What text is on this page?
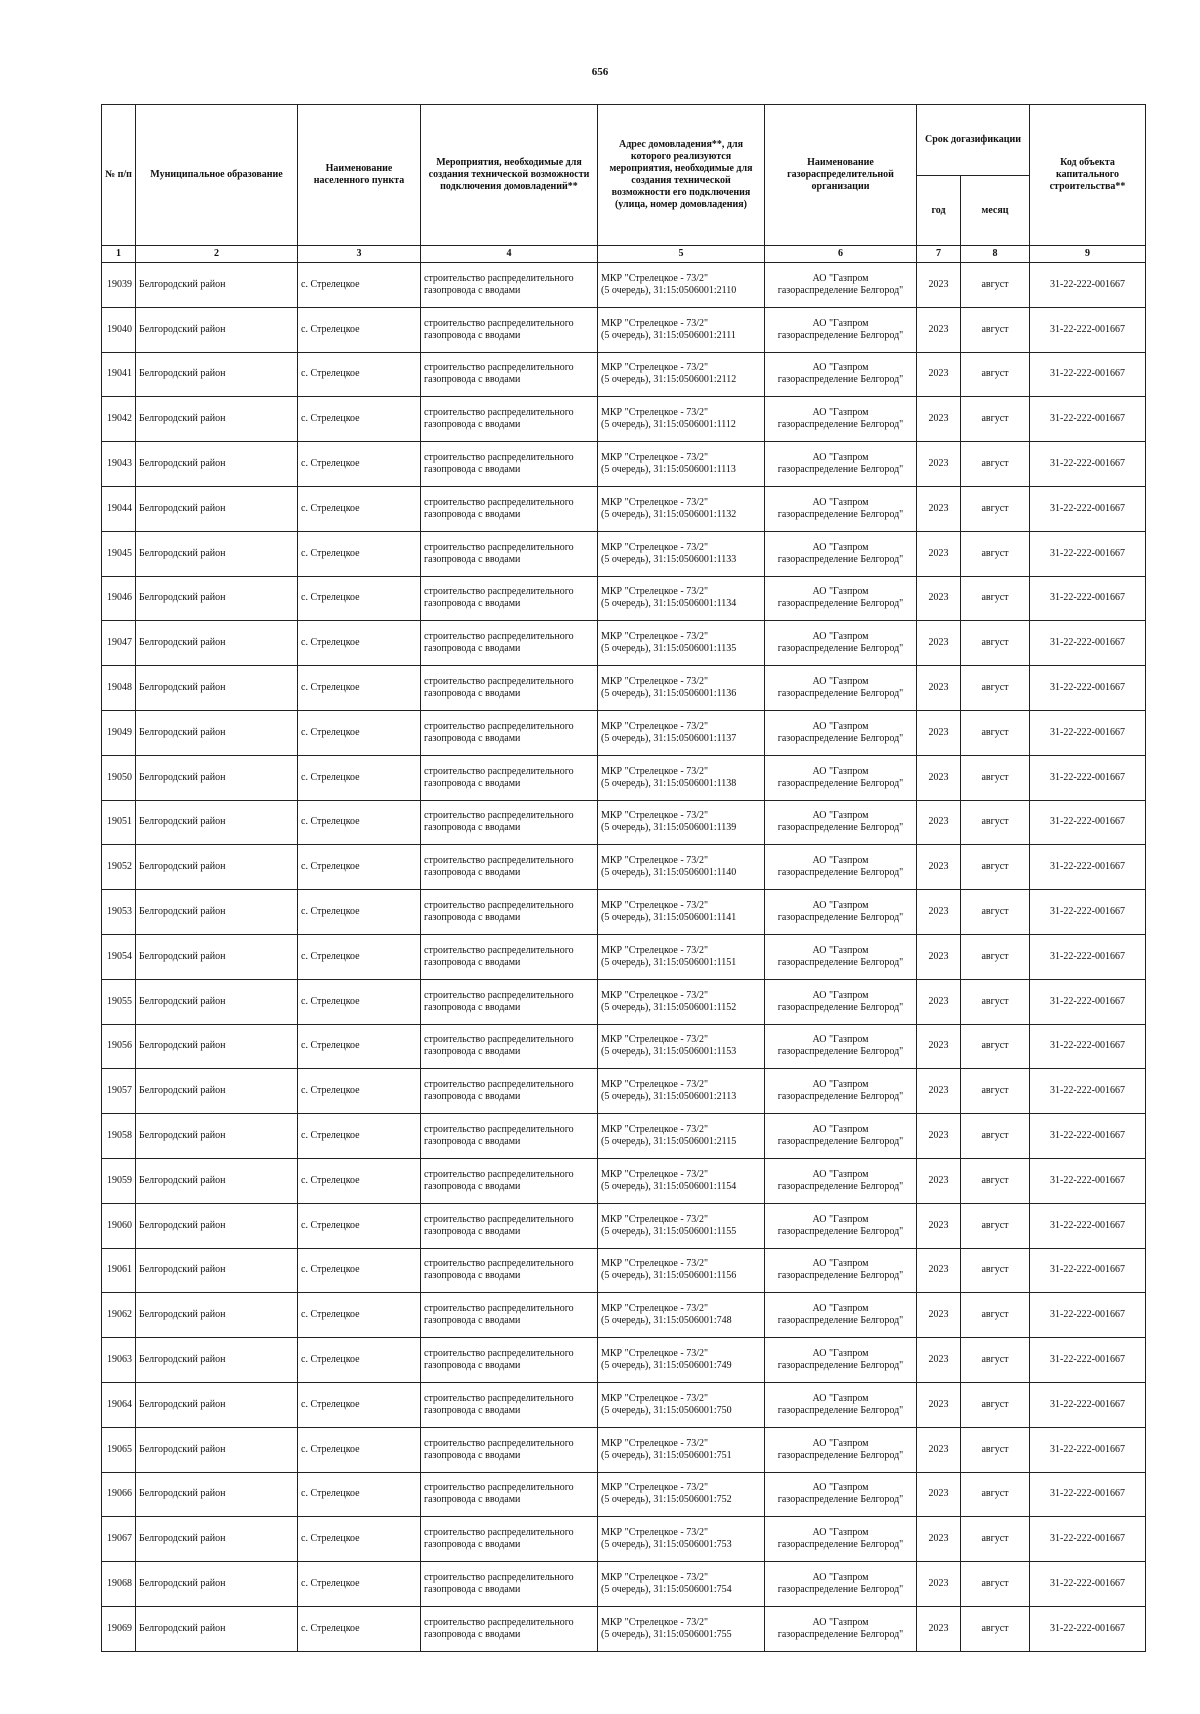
656
№ п/п	Муниципальное образование	Наименование населенного пункта	Мероприятия, необходимые для создания технической возможности подключения домовладений**	Адрес домовладения**, для которого реализуются мероприятия, необходимые для создания технической возможности его подключения (улица, номер домовладения)	Наименование газораспределительной организации	Срок догазификации		Код объекта капитального строительства**
						год	месяц	
1	2	3	4	5	6	7	8	9

19039	Белгородский район	с. Стрелецкое	строительство распределительного
газопровода с вводами	МКР "Стрелецкое - 73/2"
(5 очередь), 31:15:0506001:2110	АО "Газпром
газораспределение Белгород"	2023	август	31-22-222-001667

19040	Белгородский район	с. Стрелецкое	строительство распределительного
газопровода с вводами	МКР "Стрелецкое - 73/2"
(5 очередь), 31:15:0506001:2111	АО "Газпром
газораспределение Белгород"	2023	август	31-22-222-001667

19041	Белгородский район	с. Стрелецкое	строительство распределительного
газопровода с вводами	МКР "Стрелецкое - 73/2"
(5 очередь), 31:15:0506001:2112	АО "Газпром
газораспределение Белгород"	2023	август	31-22-222-001667

19042	Белгородский район	с. Стрелецкое	строительство распределительного
газопровода с вводами	МКР "Стрелецкое - 73/2"
(5 очередь), 31:15:0506001:1112	АО "Газпром
газораспределение Белгород"	2023	август	31-22-222-001667

19043	Белгородский район	с. Стрелецкое	строительство распределительного
газопровода с вводами	МКР "Стрелецкое - 73/2"
(5 очередь), 31:15:0506001:1113	АО "Газпром
газораспределение Белгород"	2023	август	31-22-222-001667

19044	Белгородский район	с. Стрелецкое	строительство распределительного
газопровода с вводами	МКР "Стрелецкое - 73/2"
(5 очередь), 31:15:0506001:1132	АО "Газпром
газораспределение Белгород"	2023	август	31-22-222-001667

19045	Белгородский район	с. Стрелецкое	строительство распределительного
газопровода с вводами	МКР "Стрелецкое - 73/2"
(5 очередь), 31:15:0506001:1133	АО "Газпром
газораспределение Белгород"	2023	август	31-22-222-001667

19046	Белгородский район	с. Стрелецкое	строительство распределительного
газопровода с вводами	МКР "Стрелецкое - 73/2"
(5 очередь), 31:15:0506001:1134	АО "Газпром
газораспределение Белгород"	2023	август	31-22-222-001667

19047	Белгородский район	с. Стрелецкое	строительство распределительного
газопровода с вводами	МКР "Стрелецкое - 73/2"
(5 очередь), 31:15:0506001:1135	АО "Газпром
газораспределение Белгород"	2023	август	31-22-222-001667

19048	Белгородский район	с. Стрелецкое	строительство распределительного
газопровода с вводами	МКР "Стрелецкое - 73/2"
(5 очередь), 31:15:0506001:1136	АО "Газпром
газораспределение Белгород"	2023	август	31-22-222-001667

19049	Белгородский район	с. Стрелецкое	строительство распределительного
газопровода с вводами	МКР "Стрелецкое - 73/2"
(5 очередь), 31:15:0506001:1137	АО "Газпром
газораспределение Белгород"	2023	август	31-22-222-001667

19050	Белгородский район	с. Стрелецкое	строительство распределительного
газопровода с вводами	МКР "Стрелецкое - 73/2"
(5 очередь), 31:15:0506001:1138	АО "Газпром
газораспределение Белгород"	2023	август	31-22-222-001667

19051	Белгородский район	с. Стрелецкое	строительство распределительного
газопровода с вводами	МКР "Стрелецкое - 73/2"
(5 очередь), 31:15:0506001:1139	АО "Газпром
газораспределение Белгород"	2023	август	31-22-222-001667

19052	Белгородский район	с. Стрелецкое	строительство распределительного
газопровода с вводами	МКР "Стрелецкое - 73/2"
(5 очередь), 31:15:0506001:1140	АО "Газпром
газораспределение Белгород"	2023	август	31-22-222-001667

19053	Белгородский район	с. Стрелецкое	строительство распределительного
газопровода с вводами	МКР "Стрелецкое - 73/2"
(5 очередь), 31:15:0506001:1141	АО "Газпром
газораспределение Белгород"	2023	август	31-22-222-001667

19054	Белгородский район	с. Стрелецкое	строительство распределительного
газопровода с вводами	МКР "Стрелецкое - 73/2"
(5 очередь), 31:15:0506001:1151	АО "Газпром
газораспределение Белгород"	2023	август	31-22-222-001667

19055	Белгородский район	с. Стрелецкое	строительство распределительного
газопровода с вводами	МКР "Стрелецкое - 73/2"
(5 очередь), 31:15:0506001:1152	АО "Газпром
газораспределение Белгород"	2023	август	31-22-222-001667

19056	Белгородский район	с. Стрелецкое	строительство распределительного
газопровода с вводами	МКР "Стрелецкое - 73/2"
(5 очередь), 31:15:0506001:1153	АО "Газпром
газораспределение Белгород"	2023	август	31-22-222-001667

19057	Белгородский район	с. Стрелецкое	строительство распределительного
газопровода с вводами	МКР "Стрелецкое - 73/2"
(5 очередь), 31:15:0506001:2113	АО "Газпром
газораспределение Белгород"	2023	август	31-22-222-001667

19058	Белгородский район	с. Стрелецкое	строительство распределительного
газопровода с вводами	МКР "Стрелецкое - 73/2"
(5 очередь), 31:15:0506001:2115	АО "Газпром
газораспределение Белгород"	2023	август	31-22-222-001667

19059	Белгородский район	с. Стрелецкое	строительство распределительного
газопровода с вводами	МКР "Стрелецкое - 73/2"
(5 очередь), 31:15:0506001:1154	АО "Газпром
газораспределение Белгород"	2023	август	31-22-222-001667

19060	Белгородский район	с. Стрелецкое	строительство распределительного
газопровода с вводами	МКР "Стрелецкое - 73/2"
(5 очередь), 31:15:0506001:1155	АО "Газпром
газораспределение Белгород"	2023	август	31-22-222-001667

19061	Белгородский район	с. Стрелецкое	строительство распределительного
газопровода с вводами	МКР "Стрелецкое - 73/2"
(5 очередь), 31:15:0506001:1156	АО "Газпром
газораспределение Белгород"	2023	август	31-22-222-001667

19062	Белгородский район	с. Стрелецкое	строительство распределительного
газопровода с вводами	МКР "Стрелецкое - 73/2"
(5 очередь), 31:15:0506001:748	АО "Газпром
газораспределение Белгород"	2023	август	31-22-222-001667

19063	Белгородский район	с. Стрелецкое	строительство распределительного
газопровода с вводами	МКР "Стрелецкое - 73/2"
(5 очередь), 31:15:0506001:749	АО "Газпром
газораспределение Белгород"	2023	август	31-22-222-001667

19064	Белгородский район	с. Стрелецкое	строительство распределительного
газопровода с вводами	МКР "Стрелецкое - 73/2"
(5 очередь), 31:15:0506001:750	АО "Газпром
газораспределение Белгород"	2023	август	31-22-222-001667

19065	Белгородский район	с. Стрелецкое	строительство распределительного
газопровода с вводами	МКР "Стрелецкое - 73/2"
(5 очередь), 31:15:0506001:751	АО "Газпром
газораспределение Белгород"	2023	август	31-22-222-001667

19066	Белгородский район	с. Стрелецкое	строительство распределительного
газопровода с вводами	МКР "Стрелецкое - 73/2"
(5 очередь), 31:15:0506001:752	АО "Газпром
газораспределение Белгород"	2023	август	31-22-222-001667

19067	Белгородский район	с. Стрелецкое	строительство распределительного
газопровода с вводами	МКР "Стрелецкое - 73/2"
(5 очередь), 31:15:0506001:753	АО "Газпром
газораспределение Белгород"	2023	август	31-22-222-001667

19068	Белгородский район	с. Стрелецкое	строительство распределительного
газопровода с вводами	МКР "Стрелецкое - 73/2"
(5 очередь), 31:15:0506001:754	АО "Газпром
газораспределение Белгород"	2023	август	31-22-222-001667

19069	Белгородский район	с. Стрелецкое	строительство распределительного
газопровода с вводами	МКР "Стрелецкое - 73/2"
(5 очередь), 31:15:0506001:755	АО "Газпром
газораспределение Белгород"	2023	август	31-22-222-001667
